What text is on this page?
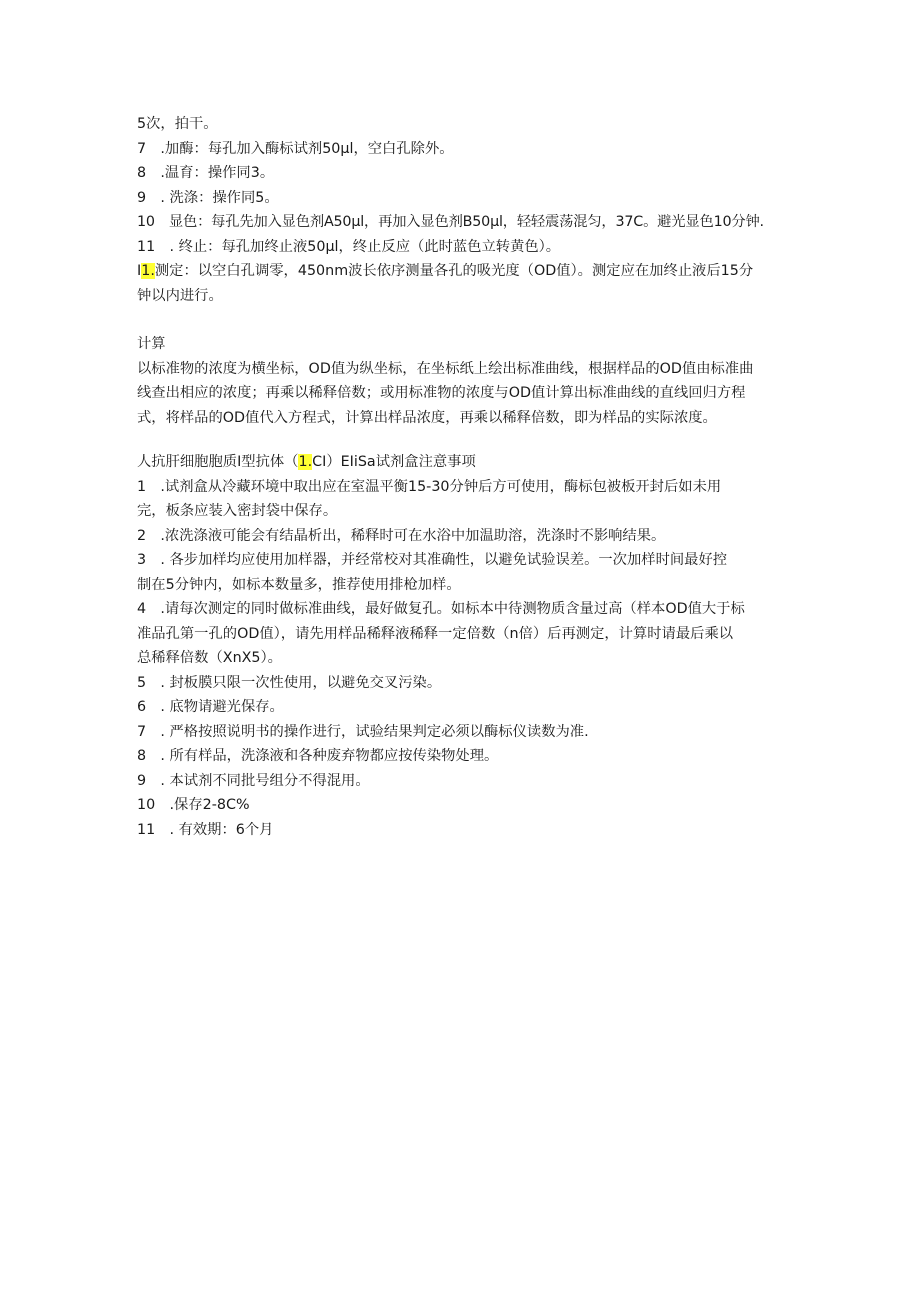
5次，拍干。
7　.加酶：每孔加入酶标试剂50μl，空白孔除外。
8　.温育：操作同3。
9　. 洗涤：操作同5。
10　显色：每孔先加入显色剂A50μl，再加入显色剂B50μl，轻轻震荡混匀，37C。避光显色10分钟.
11　. 终止：每孔加终止液50μl，终止反应（此时蓝色立转黄色）。
I1.测定：以空白孔调零，450nm波长依序测量各孔的吸光度（OD值）。测定应在加终止液后15分
钟以内进行。
计算
以标准物的浓度为横坐标，OD值为纵坐标，在坐标纸上绘出标准曲线，根据样品的OD值由标准曲
线查出相应的浓度；再乘以稀释倍数；或用标准物的浓度与OD值计算出标准曲线的直线回归方程
式，将样品的OD值代入方程式，计算出样品浓度，再乘以稀释倍数，即为样品的实际浓度。
人抗肝细胞胞质I型抗体（1.CI）EIiSa试剂盒注意事项
1　.试剂盒从冷藏环境中取出应在室温平衡15-30分钟后方可使用，酶标包被板开封后如未用
完，板条应装入密封袋中保存。
2　.浓洗涤液可能会有结晶析出，稀释时可在水浴中加温助溶，洗涤时不影响结果。
3　. 各步加样均应使用加样器，并经常校对其准确性，以避免试验误差。一次加样时间最好控
制在5分钟内，如标本数量多，推荐使用排枪加样。
4　.请每次测定的同时做标准曲线，最好做复孔。如标本中待测物质含量过高（样本OD值大于标
准品孔第一孔的OD值），请先用样品稀释液稀释一定倍数（n倍）后再测定，计算时请最后乘以
总稀释倍数（XnX5）。
5　. 封板膜只限一次性使用，以避免交叉污染。
6　. 底物请避光保存。
7　. 严格按照说明书的操作进行，试验结果判定必须以酶标仪读数为准.
8　. 所有样品，洗涤液和各种废弃物都应按传染物处理。
9　. 本试剂不同批号组分不得混用。
10　.保存2-8C%
11　. 有效期：6个月
